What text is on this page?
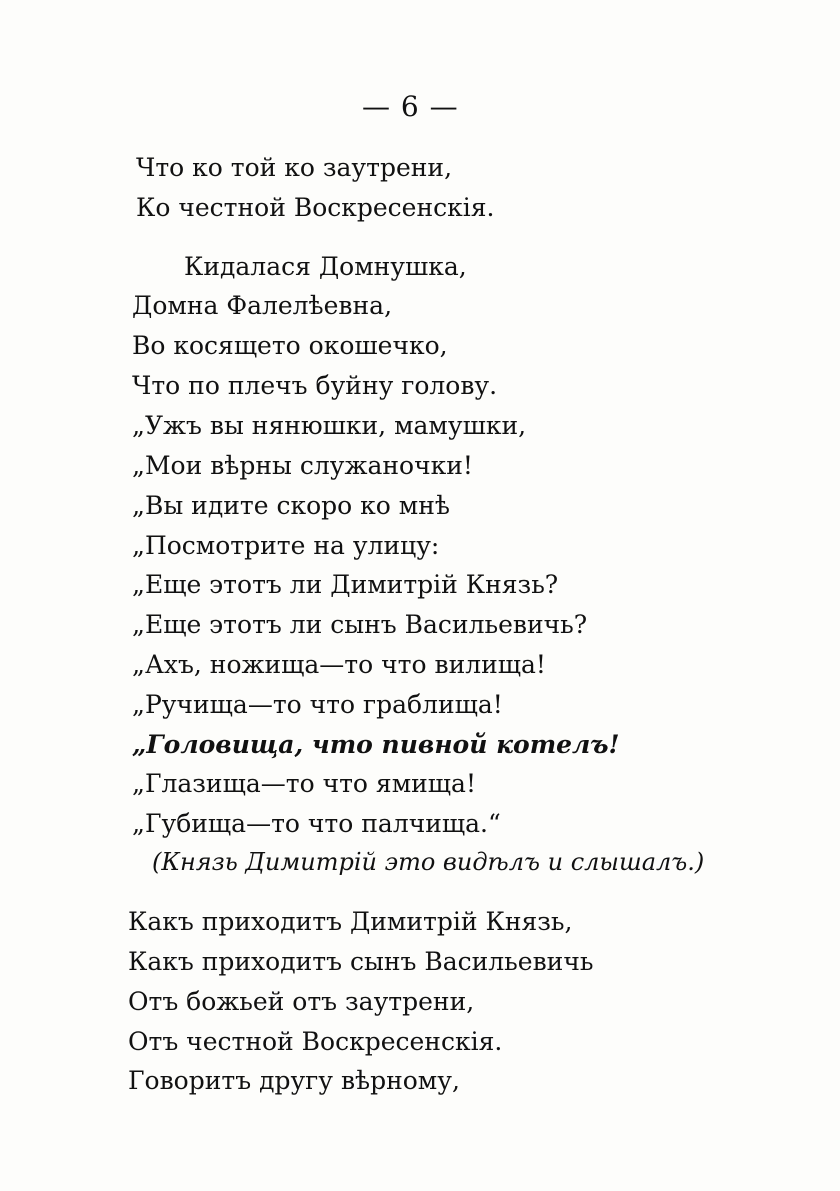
— 6 —
Что ко той ко заутрени,
Ко честной Воскресенскія.
Кидалася Домнушка,
Домна Фалелѣевна,
Во косящето окошечко,
Что по плечъ буйну голову.
„Ужъ вы нянюшки, мамушки,
„Мои вѣрны служаночки!
„Вы идите скоро ко мнѣ
„Посмотрите на улицу:
„Еще этотъ ли Димитрій Князь?
„Еще этотъ ли сынъ Васильевичь?
„Ахъ, ножища—то что вилища!
„Ручища—то что граблища!
„Головища, что пивной котелъ!
„Глазища—то что ямища!
„Губища—то что палчища.“
(Князь Димитрій это видѣлъ и слышалъ.)
Какъ приходитъ Димитрій Князь,
Какъ приходитъ сынъ Васильевичь
Отъ божьей отъ заутрени,
Отъ честной Воскресенскія.
Говоритъ другу вѣрному,
